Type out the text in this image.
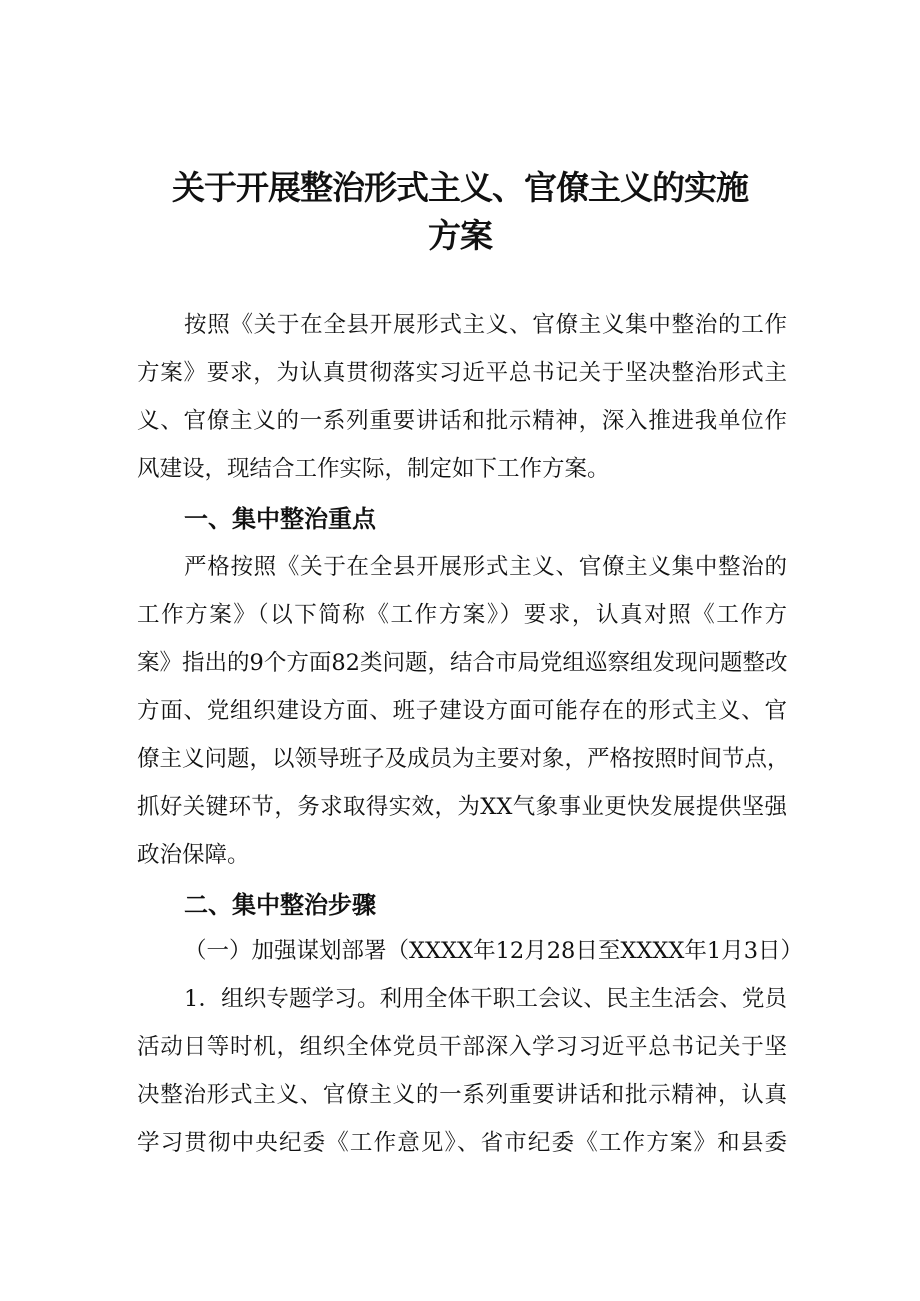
关于开展整治形式主义、官僚主义的实施
方案
按照《关于在全县开展形式主义、官僚主义集中整治的工作
方案》要求，为认真贯彻落实习近平总书记关于坚决整治形式主
义、官僚主义的一系列重要讲话和批示精神，深入推进我单位作
风建设，现结合工作实际，制定如下工作方案。
一、集中整治重点
严格按照《关于在全县开展形式主义、官僚主义集中整治的
工作方案》（以下简称《工作方案》）要求，认真对照《工作方
案》指出的9个方面82类问题，结合市局党组巡察组发现问题整改
方面、党组织建设方面、班子建设方面可能存在的形式主义、官
僚主义问题，以领导班子及成员为主要对象，严格按照时间节点，
抓好关键环节，务求取得实效，为XX气象事业更快发展提供坚强
政治保障。
二、集中整治步骤
（一）加强谋划部署（XXXX年12月28日至XXXX年1月3日）
1．组织专题学习。利用全体干职工会议、民主生活会、党员
活动日等时机，组织全体党员干部深入学习习近平总书记关于坚
决整治形式主义、官僚主义的一系列重要讲话和批示精神，认真
学习贯彻中央纪委《工作意见》、省市纪委《工作方案》和县委
